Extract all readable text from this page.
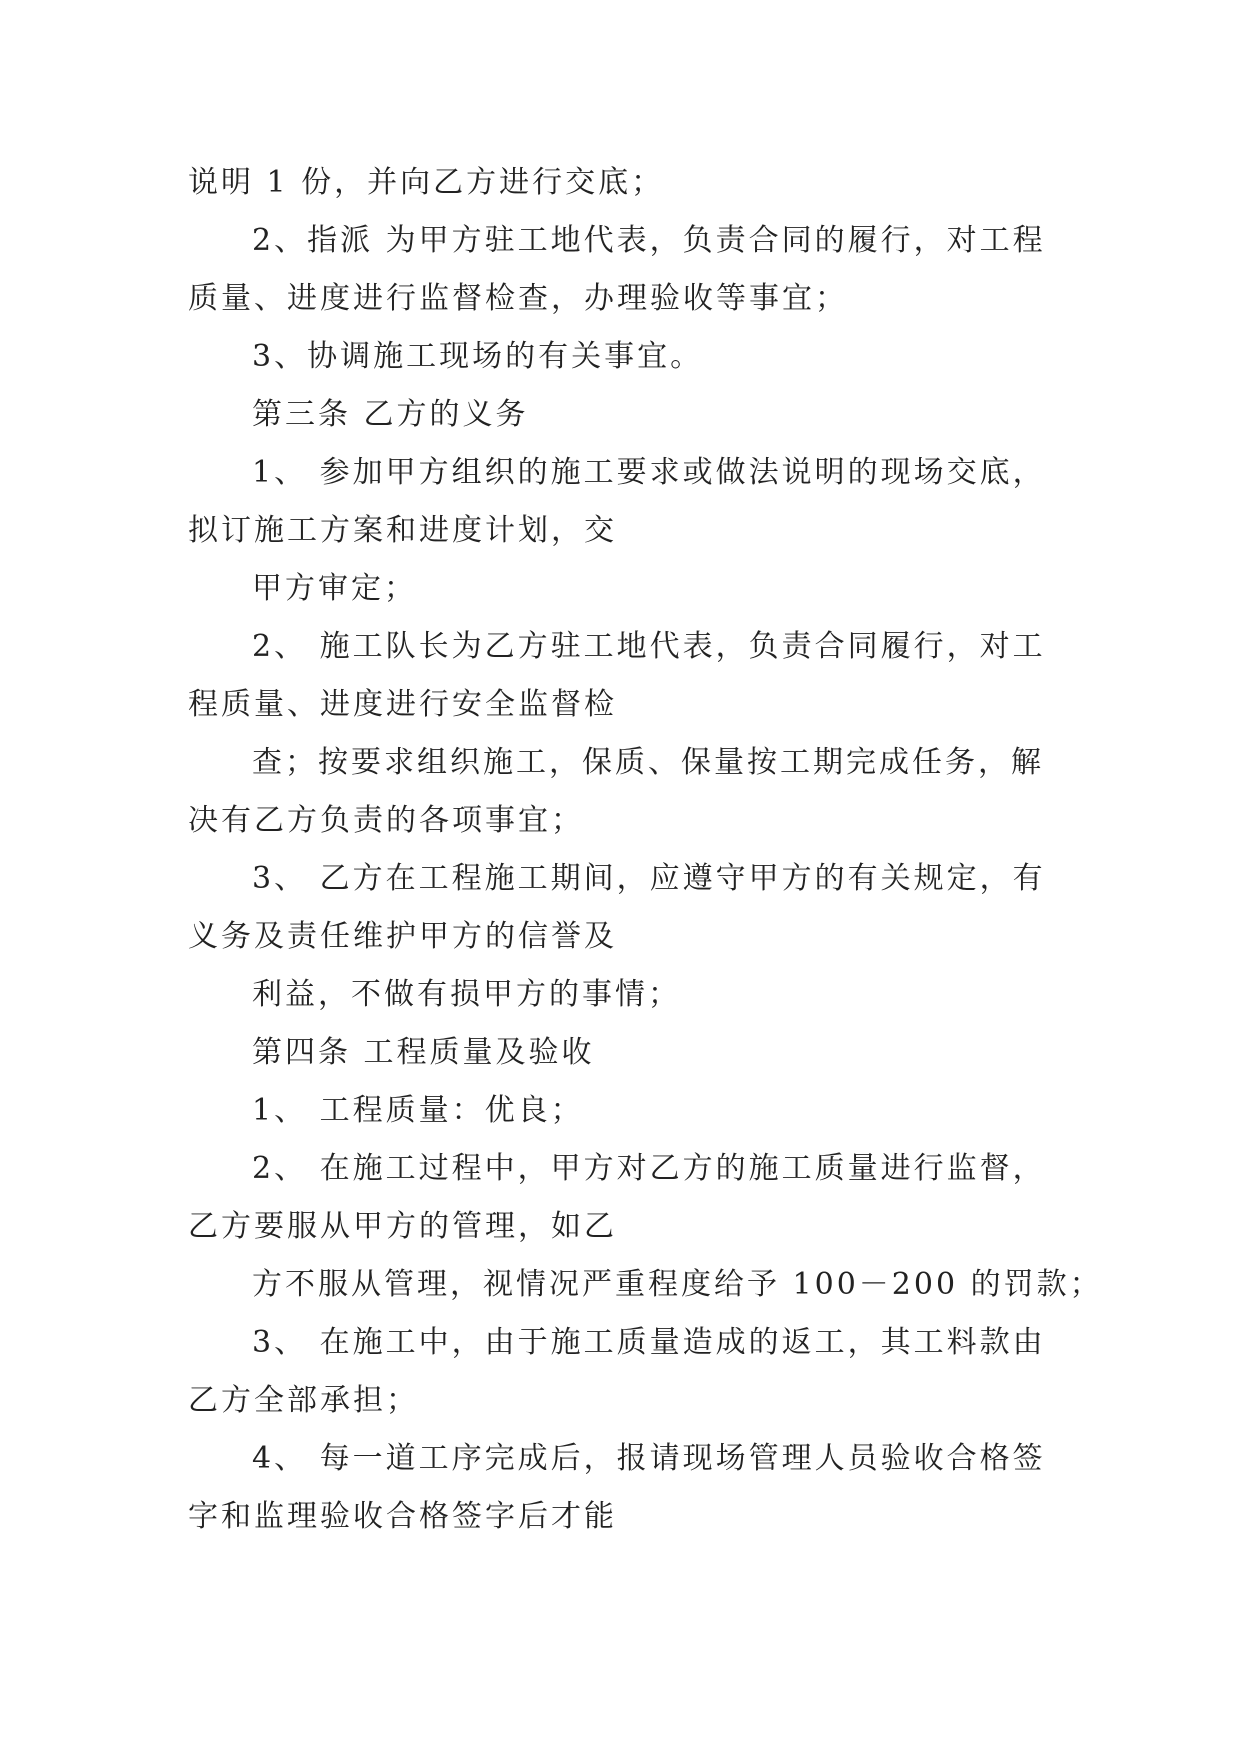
说明 1 份，并向乙方进行交底；
2、指派 为甲方驻工地代表，负责合同的履行，对工程
质量、进度进行监督检查，办理验收等事宜；
3、协调施工现场的有关事宜。
第三条 乙方的义务
1、 参加甲方组织的施工要求或做法说明的现场交底，
拟订施工方案和进度计划，交
甲方审定；
2、 施工队长为乙方驻工地代表，负责合同履行，对工
程质量、进度进行安全监督检
查；按要求组织施工，保质、保量按工期完成任务，解
决有乙方负责的各项事宜；
3、 乙方在工程施工期间，应遵守甲方的有关规定，有
义务及责任维护甲方的信誉及
利益，不做有损甲方的事情；
第四条 工程质量及验收
1、 工程质量：优良；
2、 在施工过程中，甲方对乙方的施工质量进行监督，
乙方要服从甲方的管理，如乙
方不服从管理，视情况严重程度给予 100－200 的罚款；
3、 在施工中，由于施工质量造成的返工，其工料款由
乙方全部承担；
4、 每一道工序完成后，报请现场管理人员验收合格签
字和监理验收合格签字后才能
